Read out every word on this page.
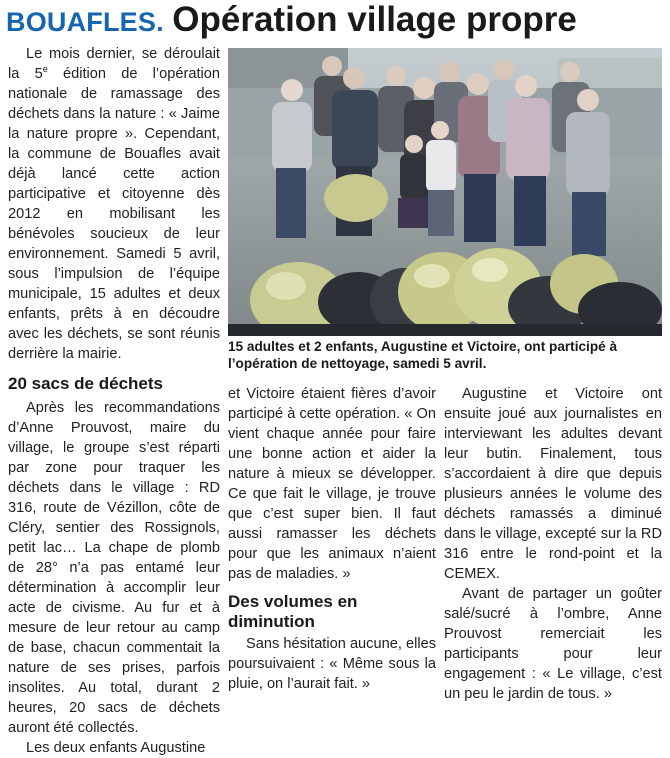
BOUAFLES. Opération village propre

Le mois dernier, se déroulait la 5e édition de l’opération nationale de ramassage des déchets dans la nature : « Jaime la nature propre ». Cependant, la commune de Bouafles avait déjà lancé cette action participative et citoyenne dès 2012 en mobilisant les bénévoles soucieux de leur environnement. Samedi 5 avril, sous l’impulsion de l’équipe municipale, 15 adultes et deux enfants, prêts à en découdre avec les déchets, se sont réunis derrière la mairie.

20 sacs de déchets

Après les recommandations d’Anne Prouvost, maire du village, le groupe s’est réparti par zone pour traquer les déchets dans le village : RD 316, route de Vézillon, côte de Cléry, sentier des Rossignols, petit lac… La chape de plomb de 28° n’a pas entamé leur détermination à accomplir leur acte de civisme. Au fur et à mesure de leur retour au camp de base, chacun commentait la nature de ses prises, parfois insolites. Au total, durant 2 heures, 20 sacs de déchets auront été collectés.

Les deux enfants Augustine

15 adultes et 2 enfants, Augustine et Victoire, ont participé à l’opération de nettoyage, samedi 5 avril.

et Victoire étaient fières d’avoir participé à cette opération. « On vient chaque année pour faire une bonne action et aider la nature à mieux se développer. Ce que fait le village, je trouve que c’est super bien. Il faut aussi ramasser les déchets pour que les animaux n’aient pas de maladies. »

Des volumes en diminution

Sans hésitation aucune, elles poursuivaient : « Même sous la pluie, on l’aurait fait. »

Augustine et Victoire ont ensuite joué aux journalistes en interviewant les adultes devant leur butin. Finalement, tous s’accordaient à dire que depuis plusieurs années le volume des déchets ramassés a diminué dans le village, excepté sur la RD 316 entre le rond-point et la CEMEX.

Avant de partager un goûter salé/sucré à l’ombre, Anne Prouvost remerciait les participants pour leur engagement : « Le village, c’est un peu le jardin de tous. »
